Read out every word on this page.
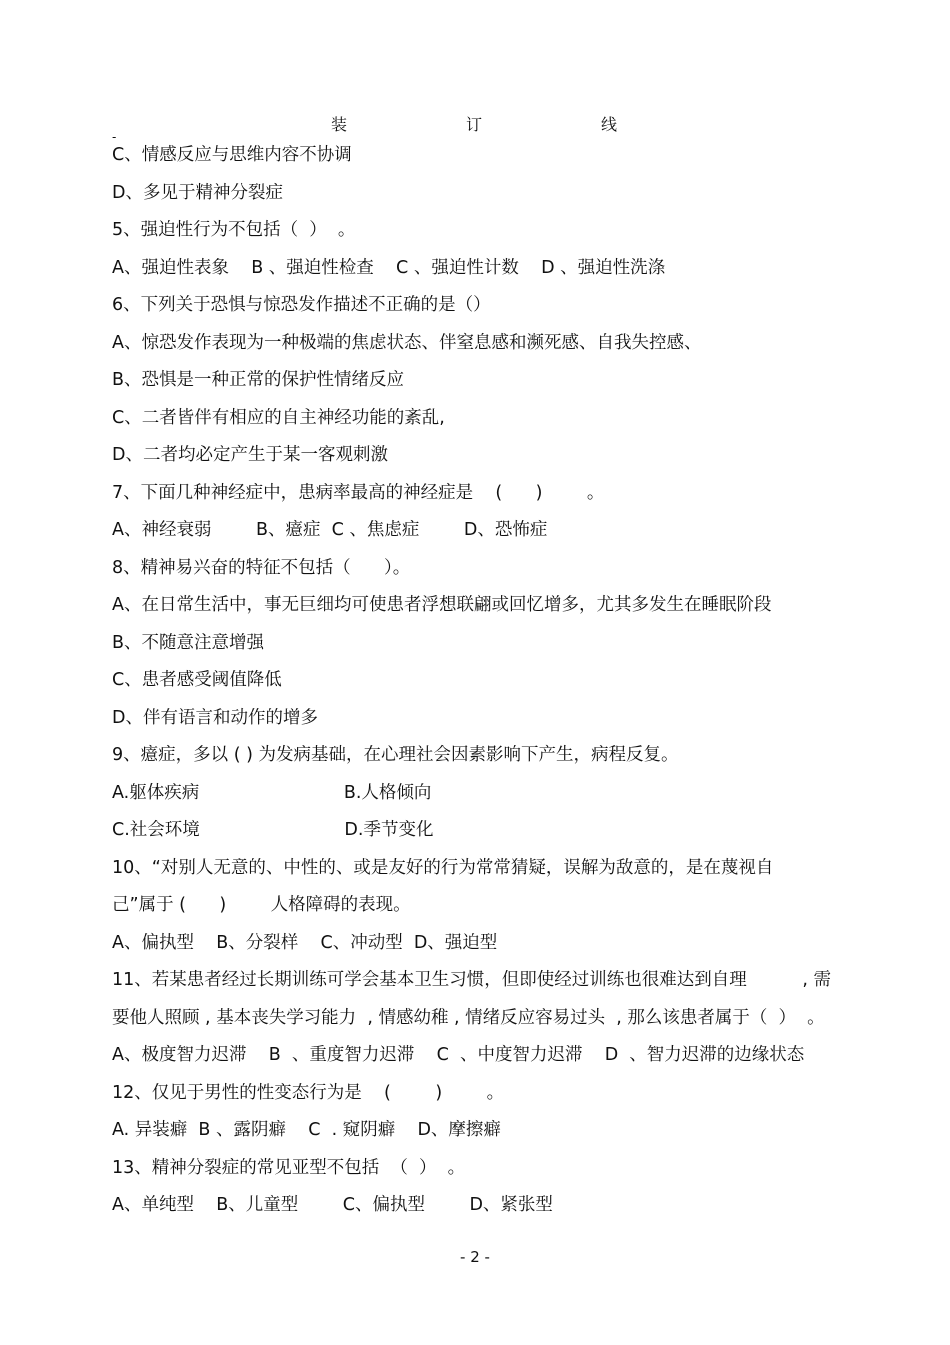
装	订	线
-
C、情感反应与思维内容不协调
D、多见于精神分裂症
5、强迫性行为不包括（  ）  。
A、强迫性表象    B 、强迫性检查    C 、强迫性计数    D 、强迫性洗涤
6、下列关于恐惧与惊恐发作描述不正确的是（）
A、惊恐发作表现为一种极端的焦虑状态、伴窒息感和濒死感、自我失控感、
B、恐惧是一种正常的保护性情绪反应
C、二者皆伴有相应的自主神经功能的紊乱,
D、二者均必定产生于某一客观刺激
7、下面几种神经症中，患病率最高的神经症是    (      )        。
A、神经衰弱        B、癔症  C 、焦虑症        D、恐怖症
8、精神易兴奋的特征不包括（      ）。
A、在日常生活中，事无巨细均可使患者浮想联翩或回忆增多，尤其多发生在睡眠阶段
B、不随意注意增强
C、患者感受阈值降低
D、伴有语言和动作的增多
9、癔症，多以 ( ) 为发病基础，在心理社会因素影响下产生，病程反复。
A.躯体疾病                          B.人格倾向
C.社会环境                          D.季节变化
10、“对别人无意的、中性的、或是友好的行为常常猜疑，误解为敌意的，是在蔑视自
己”属于 (      )        人格障碍的表现。
A、偏执型    B、分裂样    C、冲动型  D、强迫型
11、若某患者经过长期训练可学会基本卫生习惯，但即使经过训练也很难达到自理          , 需
要他人照顾 , 基本丧失学习能力  , 情感幼稚 , 情绪反应容易过头  , 那么该患者属于（  ）  。
A、极度智力迟滞    B  、重度智力迟滞    C  、中度智力迟滞    D  、智力迟滞的边缘状态
12、仅见于男性的性变态行为是    (        )        。
A. 异装癖  B 、露阴癖    C  . 窥阴癖    D、摩擦癖
13、精神分裂症的常见亚型不包括  （  ）  。
A、单纯型    B、儿童型        C、偏执型        D、紧张型
- 2 -
